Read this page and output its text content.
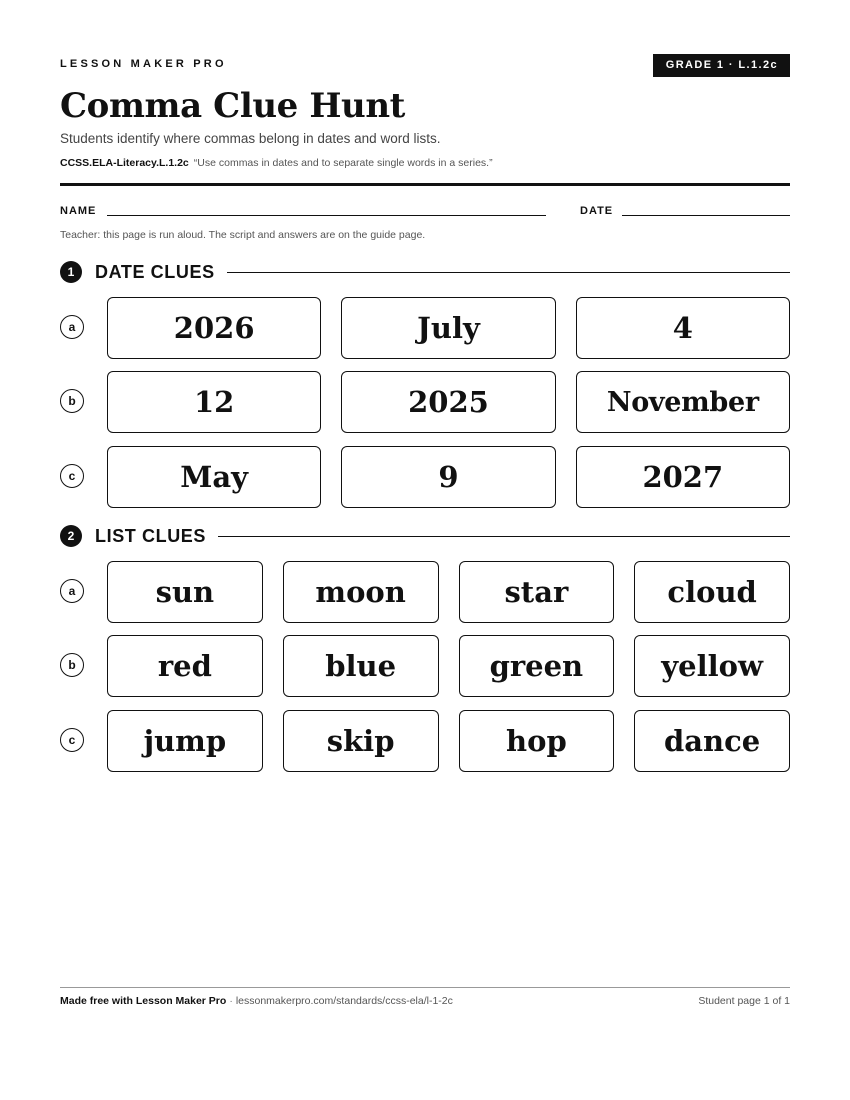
LESSON MAKER PRO	GRADE 1 · L.1.2c
Comma Clue Hunt
Students identify where commas belong in dates and word lists.
CCSS.ELA-Literacy.L.1.2c “Use commas in dates and to separate single words in a series.”
NAME	DATE
Teacher: this page is run aloud. The script and answers are on the guide page.
1	DATE CLUES
a	2026	July	4
b	12	2025	November
c	May	9	2027
2	LIST CLUES
a	sun	moon	star	cloud
b	red	blue	green	yellow
c	jump	skip	hop	dance
Made free with Lesson Maker Pro · lessonmakerpro.com/standards/ccss-ela/l-1-2c	Student page 1 of 1
